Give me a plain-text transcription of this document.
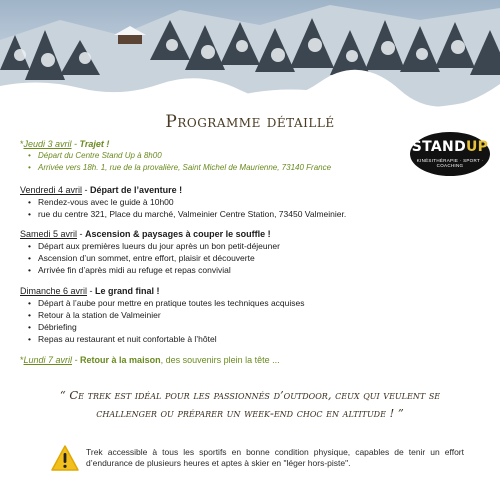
Programme détaillé
STANDUP
KINÉSITHÉRAPIE · SPORT · COACHING
*Jeudi 3 avril - Trajet !
• Départ du Centre Stand Up à 8h00
• Arrivée vers 18h. 1, rue de la provalière, Saint Michel de Maurienne, 73140 France
Vendredi 4 avril - Départ de l’aventure !
• Rendez-vous avec le guide à 10h00
• rue du centre 321, Place du marché, Valmeinier Centre Station, 73450 Valmeinier.
Samedi 5 avril - Ascension & paysages à couper le souffle !
• Départ aux premières lueurs du jour après un bon petit-déjeuner
• Ascension d’un sommet, entre effort, plaisir et découverte
• Arrivée fin d’après midi au refuge et repas convivial
Dimanche 6 avril - Le grand final !
• Départ à l’aube pour mettre en pratique toutes les techniques acquises
• Retour à la station de Valmeinier
• Débriefing
• Repas au restaurant et nuit confortable à l’hôtel
*Lundi 7 avril - Retour à la maison, des souvenirs plein la tête ...
“ Ce trek est idéal pour les passionnés d’outdoor, ceux qui veulent se challenger ou préparer un week-end choc en altitude ! ”
Trek accessible à tous les sportifs en bonne condition physique, capables de tenir un effort d’endurance de plusieurs heures et aptes à skier en "léger hors-piste".
